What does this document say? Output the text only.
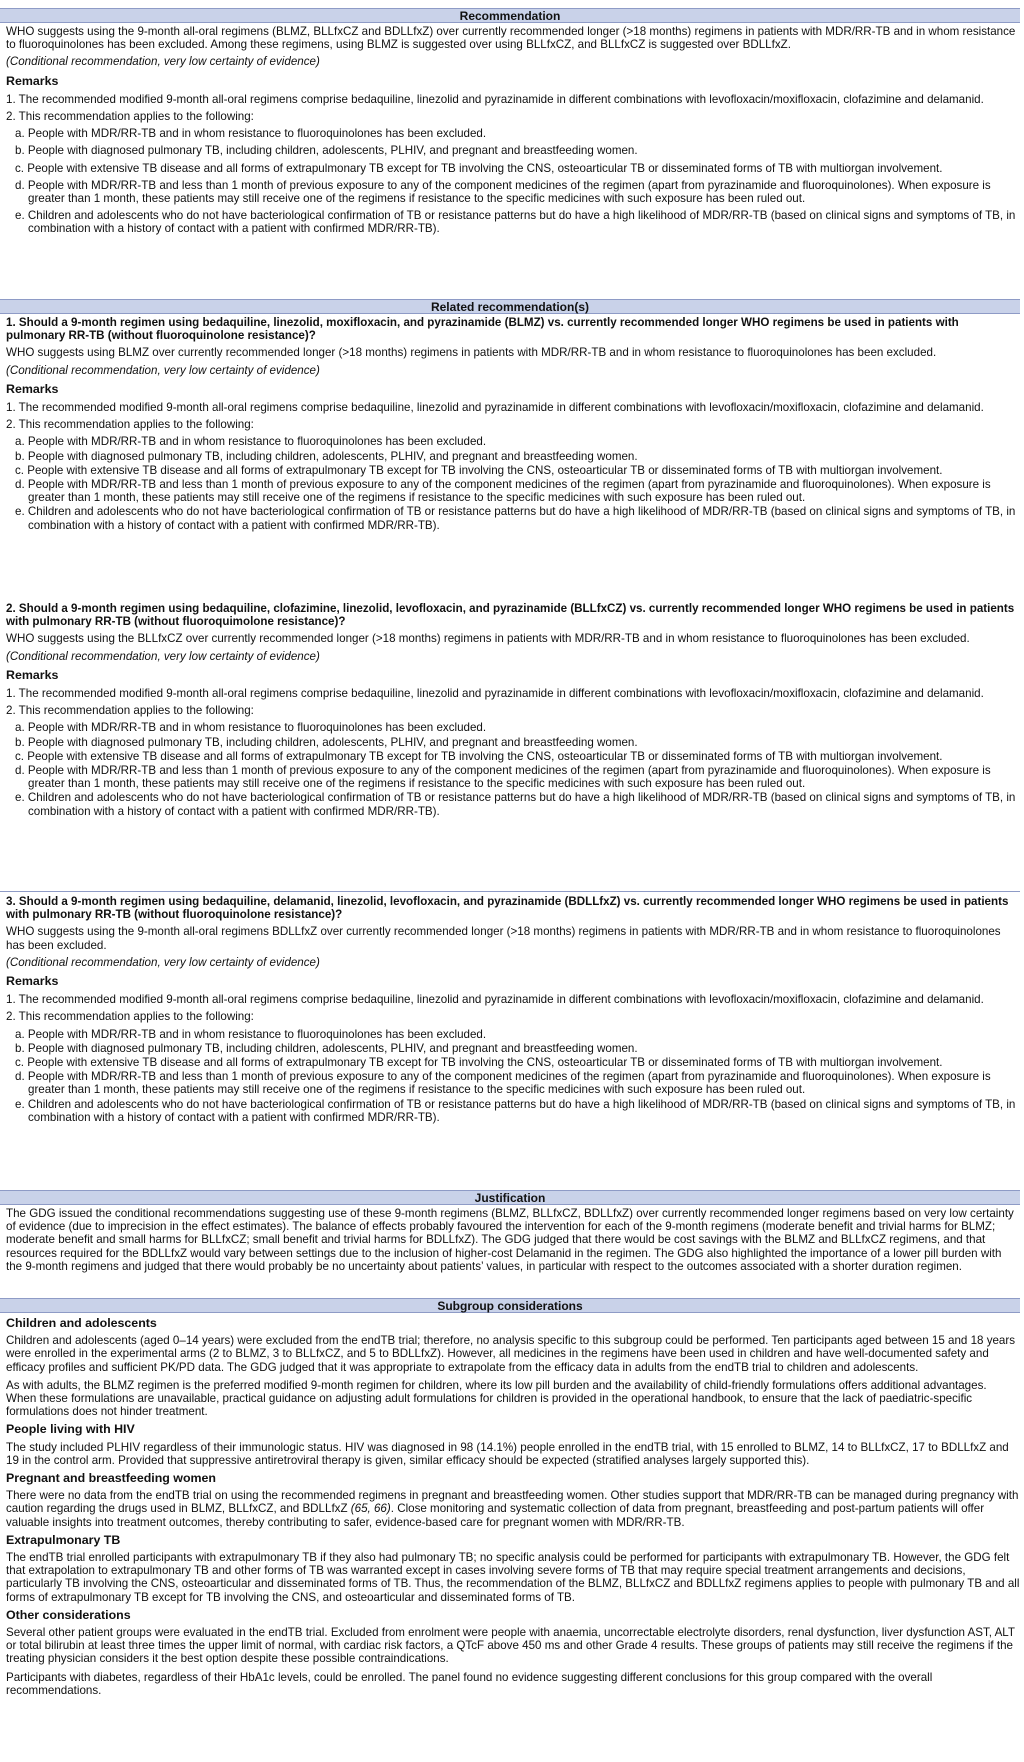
Recommendation

WHO suggests using the 9-month all-oral regimens (BLMZ, BLLfxCZ and BDLLfxZ) over currently recommended longer (>18 months) regimens in patients with MDR/RR-TB and in whom resistance to fluoroquinolones has been excluded. Among these regimens, using BLMZ is suggested over using BLLfxCZ, and BLLfxCZ is suggested over BDLLfxZ.

(Conditional recommendation, very low certainty of evidence)

Remarks

1. The recommended modified 9-month all-oral regimens comprise bedaquiline, linezolid and pyrazinamide in different combinations with levofloxacin/moxifloxacin, clofazimine and delamanid.

2. This recommendation applies to the following:

a. People with MDR/RR-TB and in whom resistance to fluoroquinolones has been excluded.

b. People with diagnosed pulmonary TB, including children, adolescents, PLHIV, and pregnant and breastfeeding women.

c. People with extensive TB disease and all forms of extrapulmonary TB except for TB involving the CNS, osteoarticular TB or disseminated forms of TB with multiorgan involvement.

d. People with MDR/RR-TB and less than 1 month of previous exposure to any of the component medicines of the regimen (apart from pyrazinamide and fluoroquinolones). When exposure is greater than 1 month, these patients may still receive one of the regimens if resistance to the specific medicines with such exposure has been ruled out.

e. Children and adolescents who do not have bacteriological confirmation of TB or resistance patterns but do have a high likelihood of MDR/RR-TB (based on clinical signs and symptoms of TB, in combination with a history of contact with a patient with confirmed MDR/RR-TB).

Related recommendation(s)

1. Should a 9-month regimen using bedaquiline, linezolid, moxifloxacin, and pyrazinamide (BLMZ) vs. currently recommended longer WHO regimens be used in patients with pulmonary RR-TB (without fluoroquinolone resistance)?

WHO suggests using BLMZ over currently recommended longer (>18 months) regimens in patients with MDR/RR-TB and in whom resistance to fluoroquinolones has been excluded.

(Conditional recommendation, very low certainty of evidence)

Remarks

1. The recommended modified 9-month all-oral regimens comprise bedaquiline, linezolid and pyrazinamide in different combinations with levofloxacin/moxifloxacin, clofazimine and delamanid.

2. This recommendation applies to the following:

a. People with MDR/RR-TB and in whom resistance to fluoroquinolones has been excluded.

b. People with diagnosed pulmonary TB, including children, adolescents, PLHIV, and pregnant and breastfeeding women.

c. People with extensive TB disease and all forms of extrapulmonary TB except for TB involving the CNS, osteoarticular TB or disseminated forms of TB with multiorgan involvement.

d. People with MDR/RR-TB and less than 1 month of previous exposure to any of the component medicines of the regimen (apart from pyrazinamide and fluoroquinolones). When exposure is greater than 1 month, these patients may still receive one of the regimens if resistance to the specific medicines with such exposure has been ruled out.

e. Children and adolescents who do not have bacteriological confirmation of TB or resistance patterns but do have a high likelihood of MDR/RR-TB (based on clinical signs and symptoms of TB, in combination with a history of contact with a patient with confirmed MDR/RR-TB).

2. Should a 9-month regimen using bedaquiline, clofazimine, linezolid, levofloxacin, and pyrazinamide (BLLfxCZ) vs. currently recommended longer WHO regimens be used in patients with pulmonary RR-TB (without fluoroquimolone resistance)?

WHO suggests using the BLLfxCZ over currently recommended longer (>18 months) regimens in patients with MDR/RR-TB and in whom resistance to fluoroquinolones has been excluded.

(Conditional recommendation, very low certainty of evidence)

Remarks

1. The recommended modified 9-month all-oral regimens comprise bedaquiline, linezolid and pyrazinamide in different combinations with levofloxacin/moxifloxacin, clofazimine and delamanid.

2. This recommendation applies to the following:

a. People with MDR/RR-TB and in whom resistance to fluoroquinolones has been excluded.

b. People with diagnosed pulmonary TB, including children, adolescents, PLHIV, and pregnant and breastfeeding women.

c. People with extensive TB disease and all forms of extrapulmonary TB except for TB involving the CNS, osteoarticular TB or disseminated forms of TB with multiorgan involvement.

d. People with MDR/RR-TB and less than 1 month of previous exposure to any of the component medicines of the regimen (apart from pyrazinamide and fluoroquinolones). When exposure is greater than 1 month, these patients may still receive one of the regimens if resistance to the specific medicines with such exposure has been ruled out.

e. Children and adolescents who do not have bacteriological confirmation of TB or resistance patterns but do have a high likelihood of MDR/RR-TB (based on clinical signs and symptoms of TB, in combination with a history of contact with a patient with confirmed MDR/RR-TB).

3. Should a 9-month regimen using bedaquiline, delamanid, linezolid, levofloxacin, and pyrazinamide (BDLLfxZ) vs. currently recommended longer WHO regimens be used in patients with pulmonary RR-TB (without fluoroquinolone resistance)?

WHO suggests using the 9-month all-oral regimens BDLLfxZ over currently recommended longer (>18 months) regimens in patients with MDR/RR-TB and in whom resistance to fluoroquinolones has been excluded.

(Conditional recommendation, very low certainty of evidence)

Remarks

1. The recommended modified 9-month all-oral regimens comprise bedaquiline, linezolid and pyrazinamide in different combinations with levofloxacin/moxifloxacin, clofazimine and delamanid.

2. This recommendation applies to the following:

a. People with MDR/RR-TB and in whom resistance to fluoroquinolones has been excluded.

b. People with diagnosed pulmonary TB, including children, adolescents, PLHIV, and pregnant and breastfeeding women.

c. People with extensive TB disease and all forms of extrapulmonary TB except for TB involving the CNS, osteoarticular TB or disseminated forms of TB with multiorgan involvement.

d. People with MDR/RR-TB and less than 1 month of previous exposure to any of the component medicines of the regimen (apart from pyrazinamide and fluoroquinolones). When exposure is greater than 1 month, these patients may still receive one of the regimens if resistance to the specific medicines with such exposure has been ruled out.

e. Children and adolescents who do not have bacteriological confirmation of TB or resistance patterns but do have a high likelihood of MDR/RR-TB (based on clinical signs and symptoms of TB, in combination with a history of contact with a patient with confirmed MDR/RR-TB).

Justification

The GDG issued the conditional recommendations suggesting use of these 9-month regimens (BLMZ, BLLfxCZ, BDLLfxZ) over currently recommended longer regimens based on very low certainty of evidence (due to imprecision in the effect estimates). The balance of effects probably favoured the intervention for each of the 9-month regimens (moderate benefit and trivial harms for BLMZ; moderate benefit and small harms for BLLfxCZ; small benefit and trivial harms for BDLLfxZ). The GDG judged that there would be cost savings with the BLMZ and BLLfxCZ regimens, and that resources required for the BDLLfxZ would vary between settings due to the inclusion of higher-cost Delamanid in the regimen. The GDG also highlighted the importance of a lower pill burden with the 9-month regimens and judged that there would probably be no uncertainty about patients’ values, in particular with respect to the outcomes associated with a shorter duration regimen.

Subgroup considerations

Children and adolescents

Children and adolescents (aged 0–14 years) were excluded from the endTB trial; therefore, no analysis specific to this subgroup could be performed. Ten participants aged between 15 and 18 years were enrolled in the experimental arms (2 to BLMZ, 3 to BLLfxCZ, and 5 to BDLLfxZ). However, all medicines in the regimens have been used in children and have well-documented safety and efficacy profiles and sufficient PK/PD data. The GDG judged that it was appropriate to extrapolate from the efficacy data in adults from the endTB trial to children and adolescents.

As with adults, the BLMZ regimen is the preferred modified 9-month regimen for children, where its low pill burden and the availability of child-friendly formulations offers additional advantages. When these formulations are unavailable, practical guidance on adjusting adult formulations for children is provided in the operational handbook, to ensure that the lack of paediatric-specific formulations does not hinder treatment.

People living with HIV

The study included PLHIV regardless of their immunologic status. HIV was diagnosed in 98 (14.1%) people enrolled in the endTB trial, with 15 enrolled to BLMZ, 14 to BLLfxCZ, 17 to BDLLfxZ and 19 in the control arm. Provided that suppressive antiretroviral therapy is given, similar efficacy should be expected (stratified analyses largely supported this).

Pregnant and breastfeeding women

There were no data from the endTB trial on using the recommended regimens in pregnant and breastfeeding women. Other studies support that MDR/RR-TB can be managed during pregnancy with caution regarding the drugs used in BLMZ, BLLfxCZ, and BDLLfxZ (65, 66). Close monitoring and systematic collection of data from pregnant, breastfeeding and post-partum patients will offer valuable insights into treatment outcomes, thereby contributing to safer, evidence-based care for pregnant women with MDR/RR-TB.

Extrapulmonary TB

The endTB trial enrolled participants with extrapulmonary TB if they also had pulmonary TB; no specific analysis could be performed for participants with extrapulmonary TB. However, the GDG felt that extrapolation to extrapulmonary TB and other forms of TB was warranted except in cases involving severe forms of TB that may require special treatment arrangements and decisions, particularly TB involving the CNS, osteoarticular and disseminated forms of TB. Thus, the recommendation of the BLMZ, BLLfxCZ and BDLLfxZ regimens applies to people with pulmonary TB and all forms of extrapulmonary TB except for TB involving the CNS, and osteoarticular and disseminated forms of TB.

Other considerations

Several other patient groups were evaluated in the endTB trial. Excluded from enrolment were people with anaemia, uncorrectable electrolyte disorders, renal dysfunction, liver dysfunction AST, ALT or total bilirubin at least three times the upper limit of normal, with cardiac risk factors, a QTcF above 450 ms and other Grade 4 results. These groups of patients may still receive the regimens if the treating physician considers it the best option despite these possible contraindications.

Participants with diabetes, regardless of their HbA1c levels, could be enrolled. The panel found no evidence suggesting different conclusions for this group compared with the overall recommendations.
